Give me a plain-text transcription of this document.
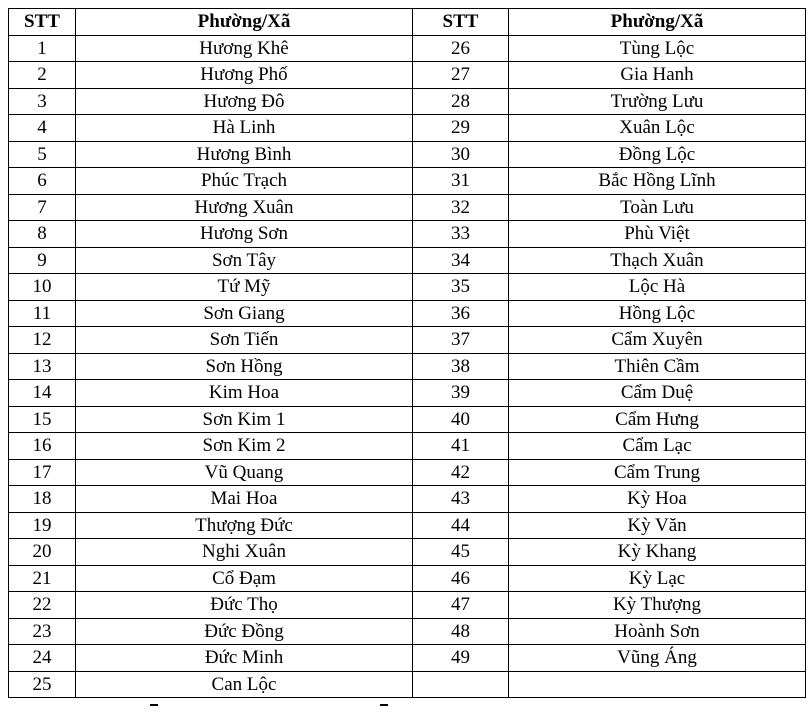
STT	Phường/Xã	STT	Phường/Xã
1	Hương Khê	26	Tùng Lộc
2	Hương Phố	27	Gia Hanh
3	Hương Đô	28	Trường Lưu
4	Hà Linh	29	Xuân Lộc
5	Hương Bình	30	Đồng Lộc
6	Phúc Trạch	31	Bắc Hồng Lĩnh
7	Hương Xuân	32	Toàn Lưu
8	Hương Sơn	33	Phù Việt
9	Sơn Tây	34	Thạch Xuân
10	Tứ Mỹ	35	Lộc Hà
11	Sơn Giang	36	Hồng Lộc
12	Sơn Tiến	37	Cẩm Xuyên
13	Sơn Hồng	38	Thiên Cầm
14	Kim Hoa	39	Cẩm Duệ
15	Sơn Kim 1	40	Cẩm Hưng
16	Sơn Kim 2	41	Cẩm Lạc
17	Vũ Quang	42	Cẩm Trung
18	Mai Hoa	43	Kỳ Hoa
19	Thượng Đức	44	Kỳ Văn
20	Nghi Xuân	45	Kỳ Khang
21	Cổ Đạm	46	Kỳ Lạc
22	Đức Thọ	47	Kỳ Thượng
23	Đức Đồng	48	Hoành Sơn
24	Đức Minh	49	Vũng Áng
25	Can Lộc		
